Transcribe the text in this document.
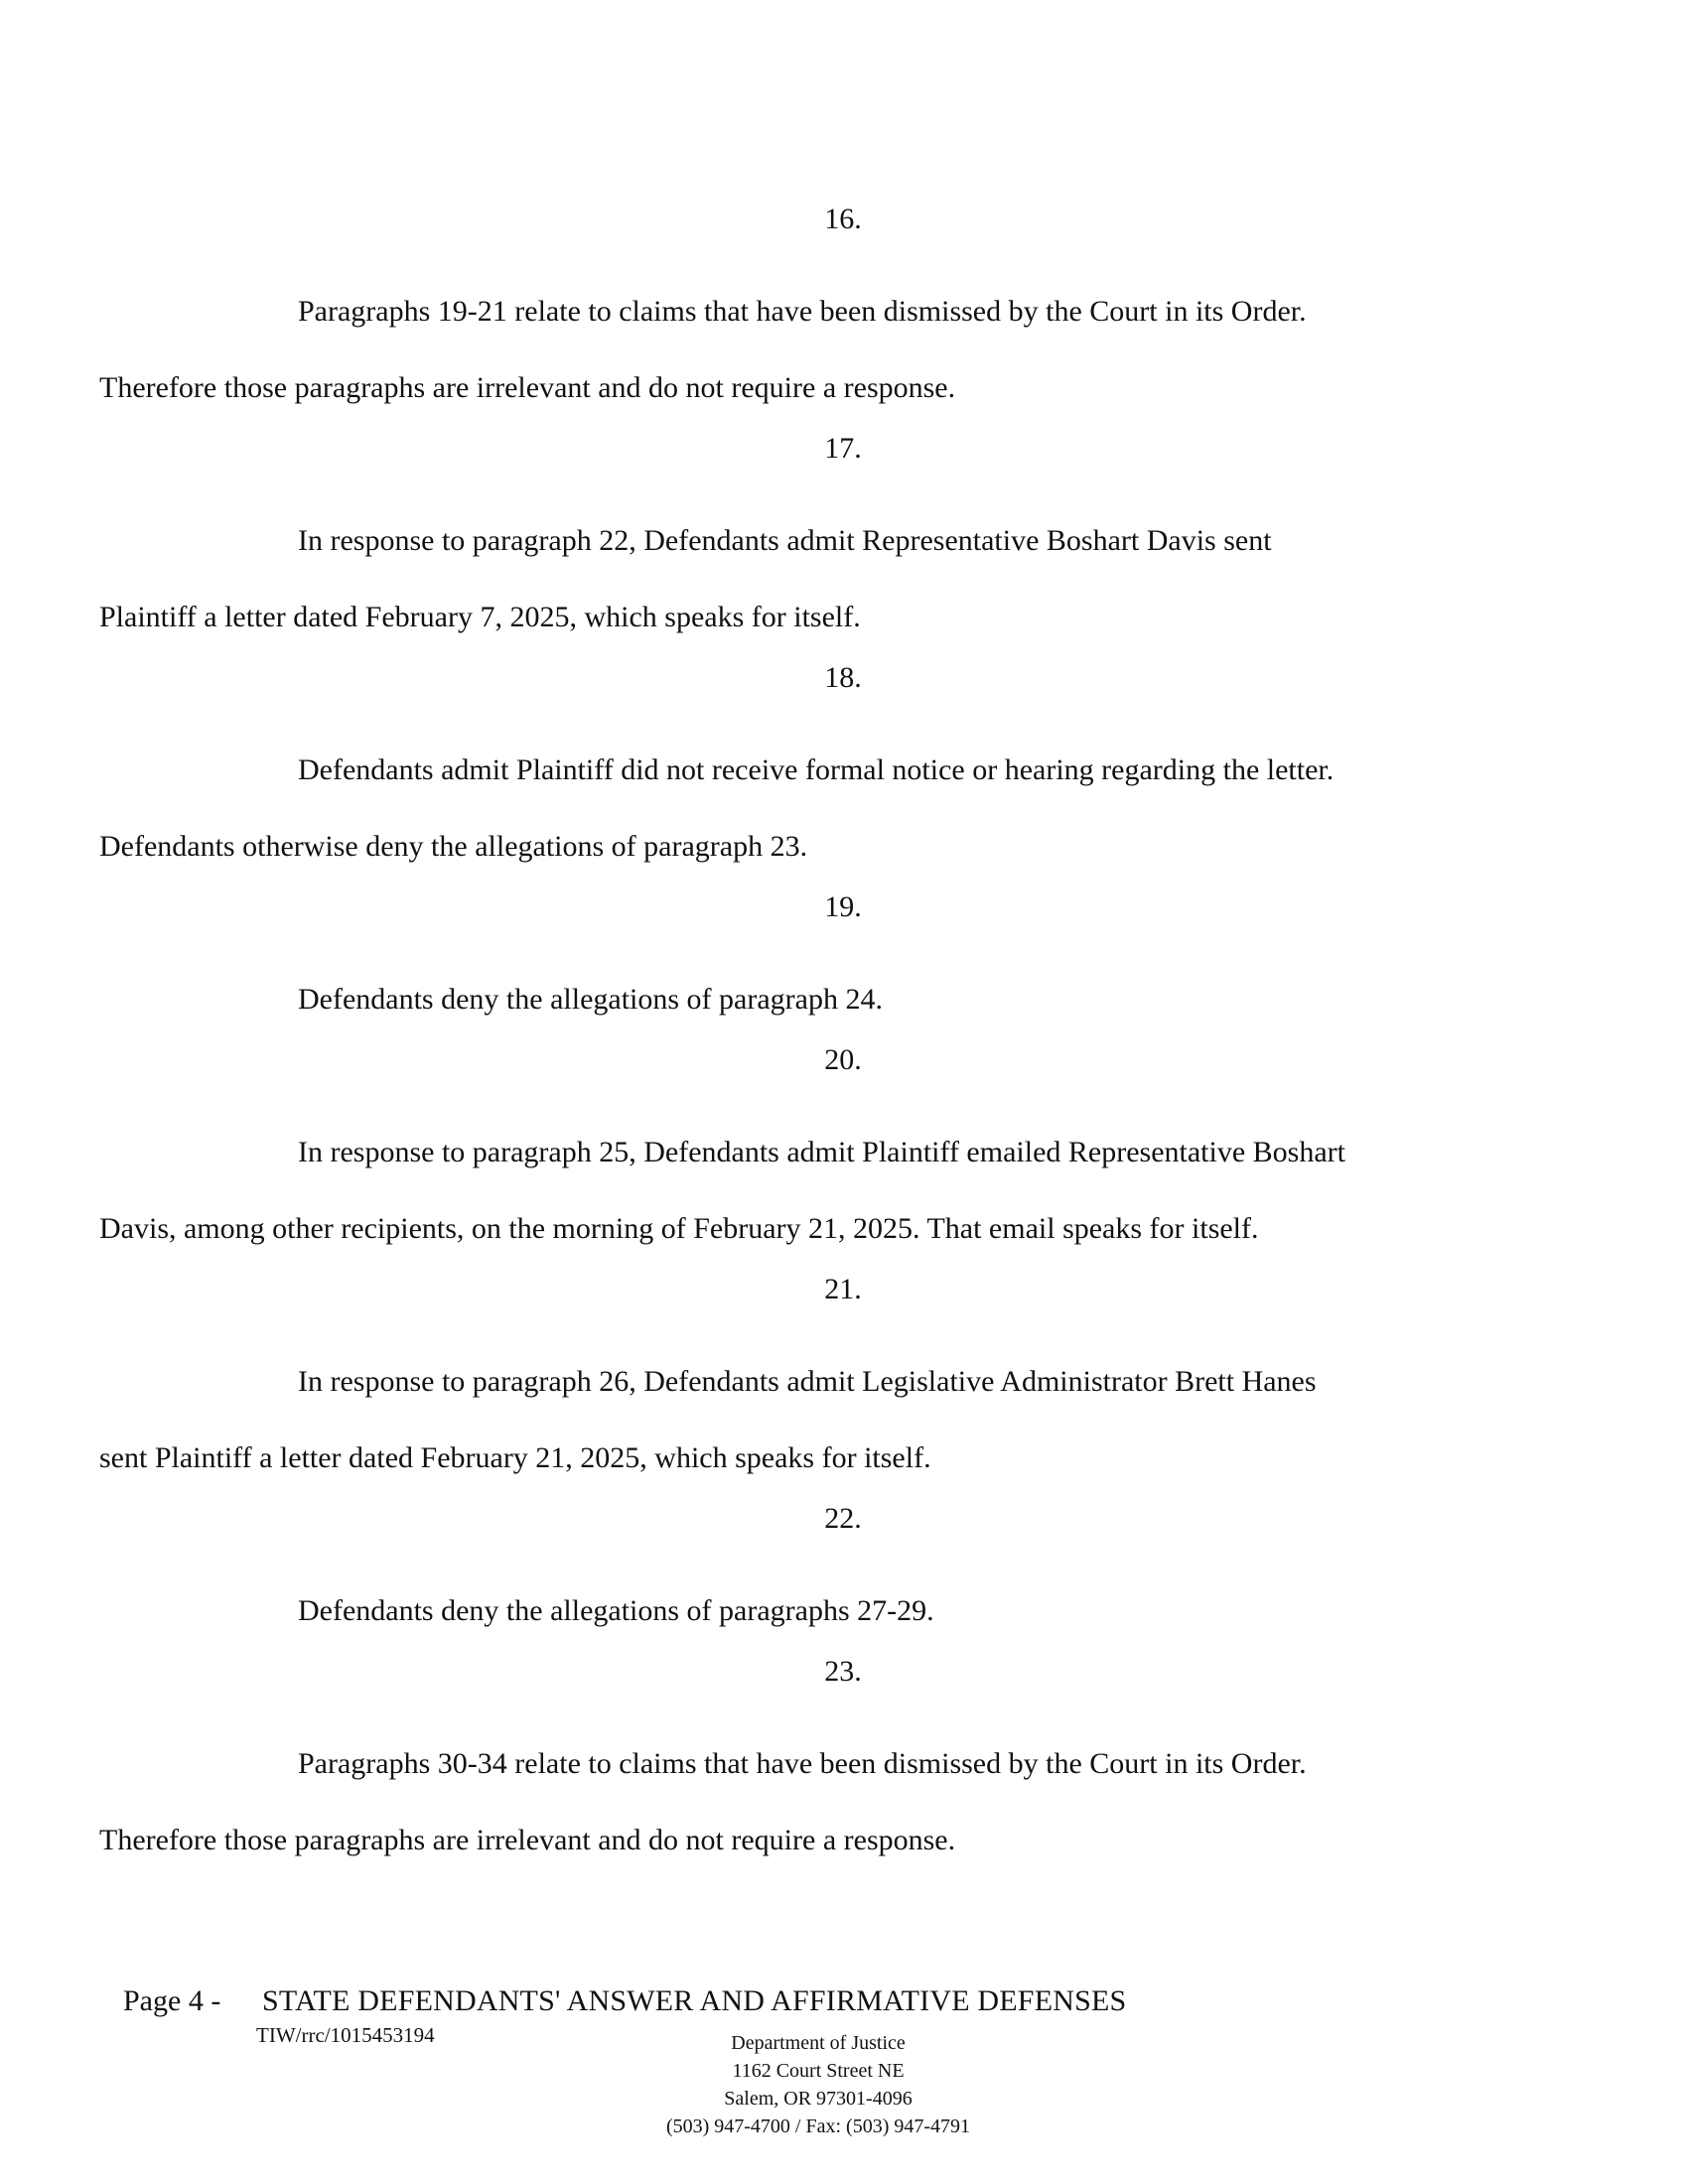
16.
Paragraphs 19-21 relate to claims that have been dismissed by the Court in its Order.
Therefore those paragraphs are irrelevant and do not require a response.
17.
In response to paragraph 22, Defendants admit Representative Boshart Davis sent
Plaintiff a letter dated February 7, 2025, which speaks for itself.
18.
Defendants admit Plaintiff did not receive formal notice or hearing regarding the letter.
Defendants otherwise deny the allegations of paragraph 23.
19.
Defendants deny the allegations of paragraph 24.
20.
In response to paragraph 25, Defendants admit Plaintiff emailed Representative Boshart
Davis, among other recipients, on the morning of February 21, 2025. That email speaks for itself.
21.
In response to paragraph 26, Defendants admit Legislative Administrator Brett Hanes
sent Plaintiff a letter dated February 21, 2025, which speaks for itself.
22.
Defendants deny the allegations of paragraphs 27-29.
23.
Paragraphs 30-34 relate to claims that have been dismissed by the Court in its Order.
Therefore those paragraphs are irrelevant and do not require a response.
Page 4 - STATE DEFENDANTS' ANSWER AND AFFIRMATIVE DEFENSES
TIW/rrc/1015453194	Department of Justice
1162 Court Street NE
Salem, OR 97301-4096
(503) 947-4700 / Fax: (503) 947-4791
